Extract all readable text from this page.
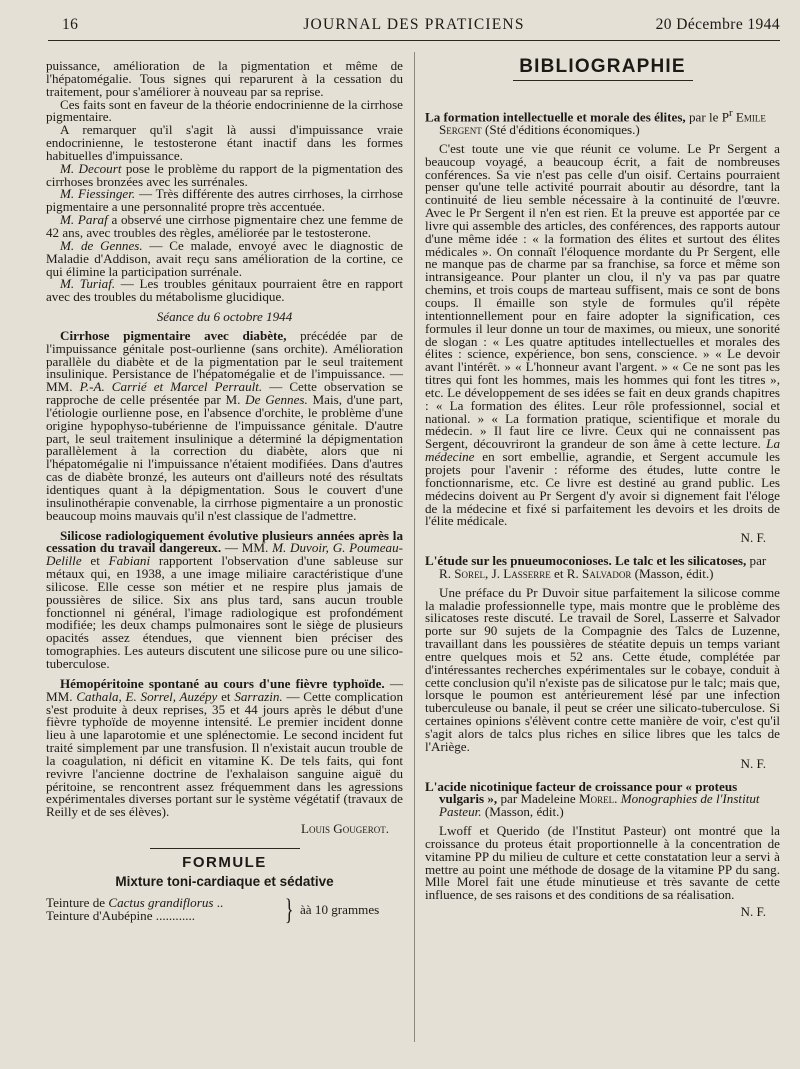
16	JOURNAL DES PRATICIENS	20 Décembre 1944

puissance, amélioration de la pigmentation et même de l'hépatomégalie. Tous signes qui reparurent à la cessation du traitement, pour s'améliorer à nouveau par sa reprise.

Ces faits sont en faveur de la théorie endocrinienne de la cirrhose pigmentaire.

A remarquer qu'il s'agit là aussi d'impuissance vraie endocrinienne, le testosterone étant inactif dans les formes habituelles d'impuissance.

M. Decourt pose le problème du rapport de la pigmentation des cirrhoses bronzées avec les surrénales.

M. Fiessinger. — Très différente des autres cirrhoses, la cirrhose pigmentaire a une personnalité propre très accentuée.

M. Paraf a observé une cirrhose pigmentaire chez une femme de 42 ans, avec troubles des règles, améliorée par le testosterone.

M. de Gennes. — Ce malade, envoyé avec le diagnostic de Maladie d'Addison, avait reçu sans amélioration de la cortine, ce qui élimine la participation surrénale.

M. Turiaf. — Les troubles génitaux pourraient être en rapport avec des troubles du métabolisme glucidique.

Séance du 6 octobre 1944

Cirrhose pigmentaire avec diabète, précédée par de l'impuissance génitale post-ourlienne (sans orchite). Amélioration parallèle du diabète et de la pigmentation par le seul traitement insulinique. Persistance de l'hépatomégalie et de l'impuissance. — MM. P.-A. Carrié et Marcel Perrault. — Cette observation se rapproche de celle présentée par M. De Gennes. Mais, d'une part, l'étiologie ourlienne pose, en l'absence d'orchite, le problème d'une origine hypophyso-tubérienne de l'impuissance génitale. D'autre part, le seul traitement insulinique a déterminé la dépigmentation parallèlement à la correction du diabète, alors que ni l'hépatomégalie ni l'impuissance n'étaient modifiées. Dans d'autres cas de diabète bronzé, les auteurs ont d'ailleurs noté des résultats identiques quant à la dépigmentation. Sous le couvert d'une insulinothérapie convenable, la cirrhose pigmentaire a un pronostic beaucoup moins mauvais qu'il n'est classique de l'admettre.

Silicose radiologiquement évolutive plusieurs années après la cessation du travail dangereux. — MM. M. Duvoir, G. Poumeau-Delille et Fabiani rapportent l'observation d'une sableuse sur métaux qui, en 1938, a une image miliaire caractéristique d'une silicose. Elle cesse son métier et ne respire plus jamais de poussières de silice. Six ans plus tard, sans aucun trouble fonctionnel ni général, l'image radiologique est profondément modifiée; les deux champs pulmonaires sont le siège de plusieurs opacités assez étendues, que viennent bien préciser des tomographies. Les auteurs discutent une silicose pure ou une silico-tuberculose.

Hémopéritoine spontané au cours d'une fièvre typhoïde. — MM. Cathala, E. Sorrel, Auzépy et Sarrazin. — Cette complication s'est produite à deux reprises, 35 et 44 jours après le début d'une fièvre typhoïde de moyenne intensité. Le premier incident donne lieu à une laparotomie et une splénectomie. Le second incident fut traité simplement par une transfusion. Il n'existait aucun trouble de la coagulation, ni déficit en vitamine K. De tels faits, qui font revivre l'ancienne doctrine de l'exhalaison sanguine aiguë du péritoine, se rencontrent assez fréquemment dans les agressions expérimentales diverses portant sur le système végétatif (travaux de Reilly et de ses élèves).

Louis Gougerot.

FORMULE
Mixture toni-cardiaque et sédative
Teinture de Cactus grandiflorus ..
Teinture d'Aubépine ............	} àà 10 grammes
BIBLIOGRAPHIE

La formation intellectuelle et morale des élites, par le $P^r$ Emile Sergent (Sté d'éditions économiques.)

C'est toute une vie que réunit ce volume. Le Pr Sergent a beaucoup voyagé, a beaucoup écrit, a fait de nombreuses conférences. Sa vie n'est pas celle d'un oisif. Certains pourraient penser qu'une telle activité pourrait aboutir au désordre, tant la continuité de lieu semble nécessaire à la continuité de l'œuvre. Avec le Pr Sergent il n'en est rien. Et la preuve est apportée par ce livre qui assemble des articles, des conférences, des rapports autour d'une même idée : « la formation des élites et surtout des élites médicales ». On connaît l'éloquence mordante du Pr Sergent, elle ne manque pas de charme par sa franchise, sa force et même son intransigeance. Pour planter un clou, il n'y va pas par quatre chemins, et trois coups de marteau suffisent, mais ce sont de bons coups. Il émaille son style de formules qu'il répète intentionnellement pour en faire adopter la signification, ces formules il leur donne un tour de maximes, ou mieux, une sonorité de slogan : « Les quatre aptitudes intellectuelles et morales des élites : science, expérience, bon sens, conscience. » « Le devoir avant l'intérêt. » « L'honneur avant l'argent. » « Ce ne sont pas les titres qui font les hommes, mais les hommes qui font les titres », etc. Le développement de ses idées se fait en deux grands chapitres : « La formation des élites. Leur rôle professionnel, social et national. » « La formation pratique, scientifique et morale du médecin. » Il faut lire ce livre. Ceux qui ne connaissent pas Sergent, découvriront la grandeur de son âme à cette lecture. La médecine en sort embellie, agrandie, et Sergent accumule les projets pour l'avenir : réforme des études, lutte contre le fonctionnarisme, etc. Ce livre est destiné au grand public. Les médecins doivent au Pr Sergent d'y avoir si dignement fait l'éloge de la médecine et fixé si parfaitement les devoirs et les droits de l'élite médicale.

N. F.

L'étude sur les pnueumoconioses. Le talc et les silicatoses, par R. Sorel, J. Lasserre et R. Salvador (Masson, édit.)

Une préface du Pr Duvoir situe parfaitement la silicose comme la maladie professionnelle type, mais montre que le problème des silicatoses reste discuté. Le travail de Sorel, Lasserre et Salvador porte sur 90 sujets de la Compagnie des Talcs de Luzenne, travaillant dans les poussières de stéatite depuis un temps variant entre quelques mois et 52 ans. Cette étude, complétée par d'intéressantes recherches expérimentales sur le cobaye, conduit à cette conclusion qu'il n'existe pas de silicatose pur le talc; mais que, lorsque le poumon est antérieurement lésé par une infection tuberculeuse ou banale, il peut se créer une silicato-tuberculose. Si certaines opinions s'élèvent contre cette manière de voir, c'est qu'il s'agit alors de talcs plus riches en silice libres que les talcs de l'Ariège.

N. F.

L'acide nicotinique facteur de croissance pour « proteus vulgaris », par Madeleine Morel. Monographies de l'Institut Pasteur. (Masson, édit.)

Lwoff et Querido (de l'Institut Pasteur) ont montré que la croissance du proteus était proportionnelle à la concentration de vitamine PP du milieu de culture et cette constatation leur a servi à mettre au point une méthode de dosage de la vitamine PP du sang. Mlle Morel fait une étude minutieuse et très savante de cette influence, de ses raisons et des conditions de sa réalisation.

N. F.
